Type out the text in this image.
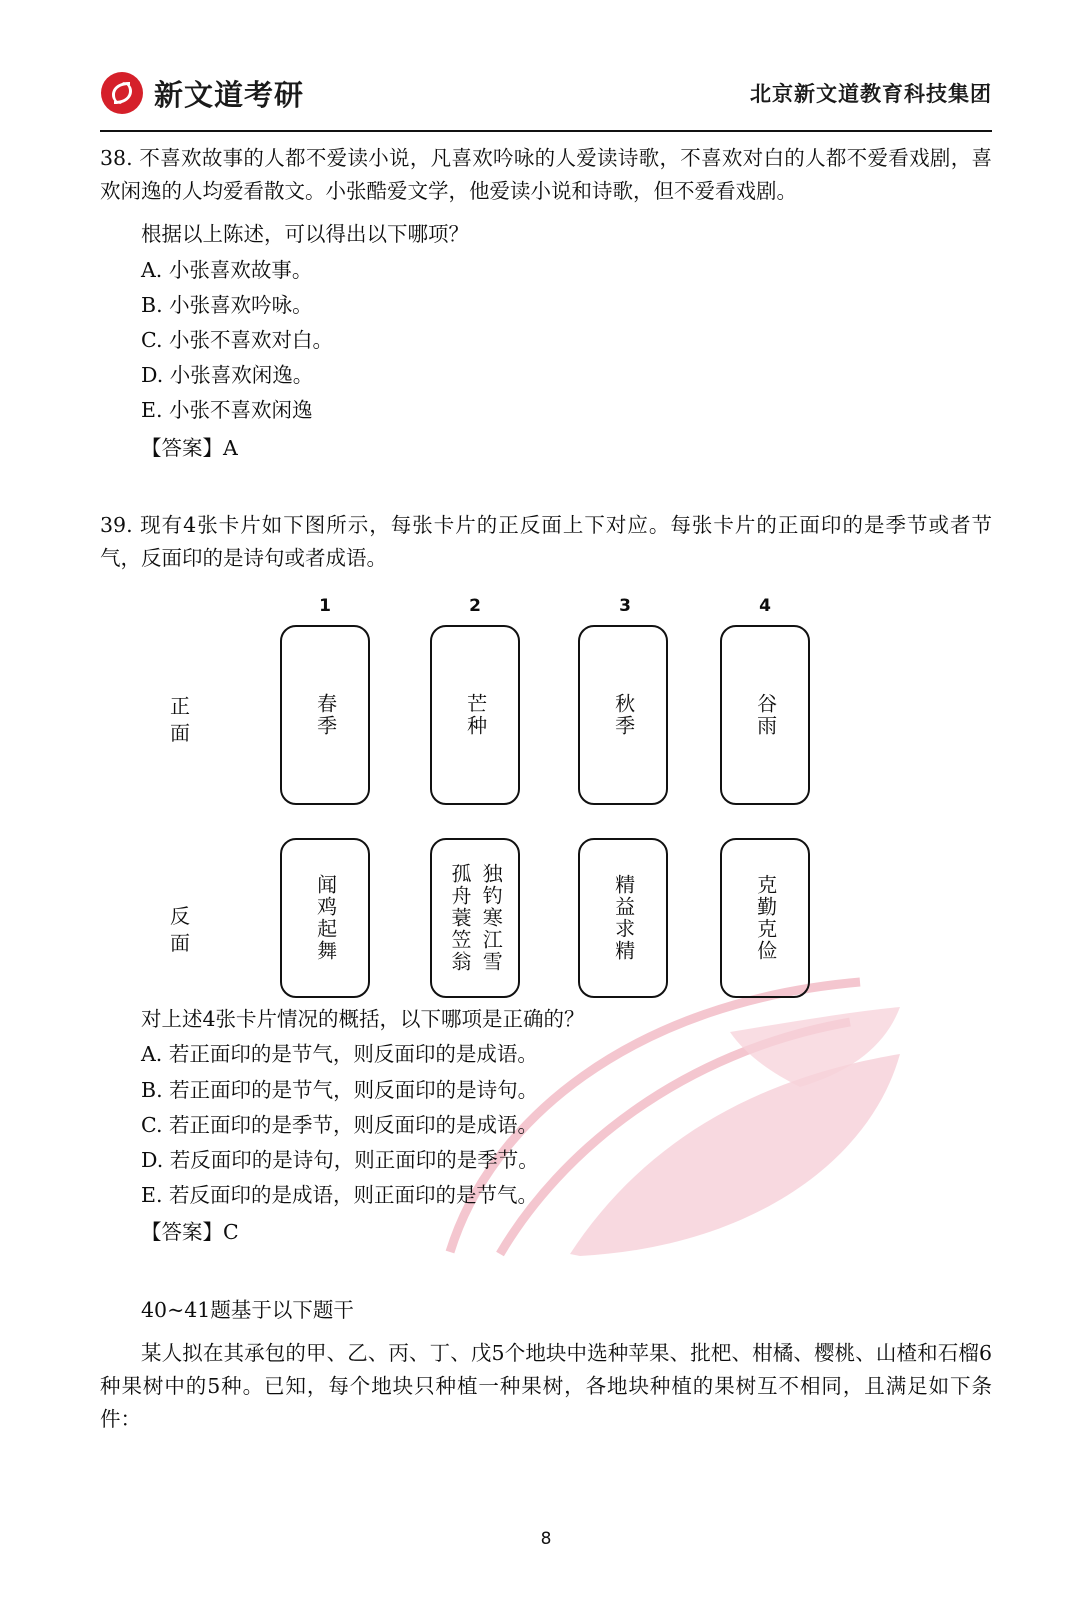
新文道考研	北京新文道教育科技集团
38. 不喜欢故事的人都不爱读小说，凡喜欢吟咏的人爱读诗歌，不喜欢对白的人都不爱看戏剧，喜欢闲逸的人均爱看散文。小张酷爱文学，他爱读小说和诗歌，但不爱看戏剧。
根据以上陈述，可以得出以下哪项？
A. 小张喜欢故事。
B. 小张喜欢吟咏。
C. 小张不喜欢对白。
D. 小张喜欢闲逸。
E. 小张不喜欢闲逸
【答案】A
39. 现有4张卡片如下图所示，每张卡片的正反面上下对应。每张卡片的正面印的是季节或者节气，反面印的是诗句或者成语。
1	2	3	4
正
面
反
面
春季	芒种	秋季	谷雨
闻鸡起舞	独钓寒江雪
孤舟蓑笠翁	精益求精	克勤克俭
对上述4张卡片情况的概括，以下哪项是正确的？
A. 若正面印的是节气，则反面印的是成语。
B. 若正面印的是节气，则反面印的是诗句。
C. 若正面印的是季节，则反面印的是成语。
D. 若反面印的是诗句，则正面印的是季节。
E. 若反面印的是成语，则正面印的是节气。
【答案】C
40~41题基于以下题干
某人拟在其承包的甲、乙、丙、丁、戊5个地块中选种苹果、批杷、柑橘、樱桃、山楂和石榴6种果树中的5种。已知，每个地块只种植一种果树，各地块种植的果树互不相同，且满足如下条件：
8
